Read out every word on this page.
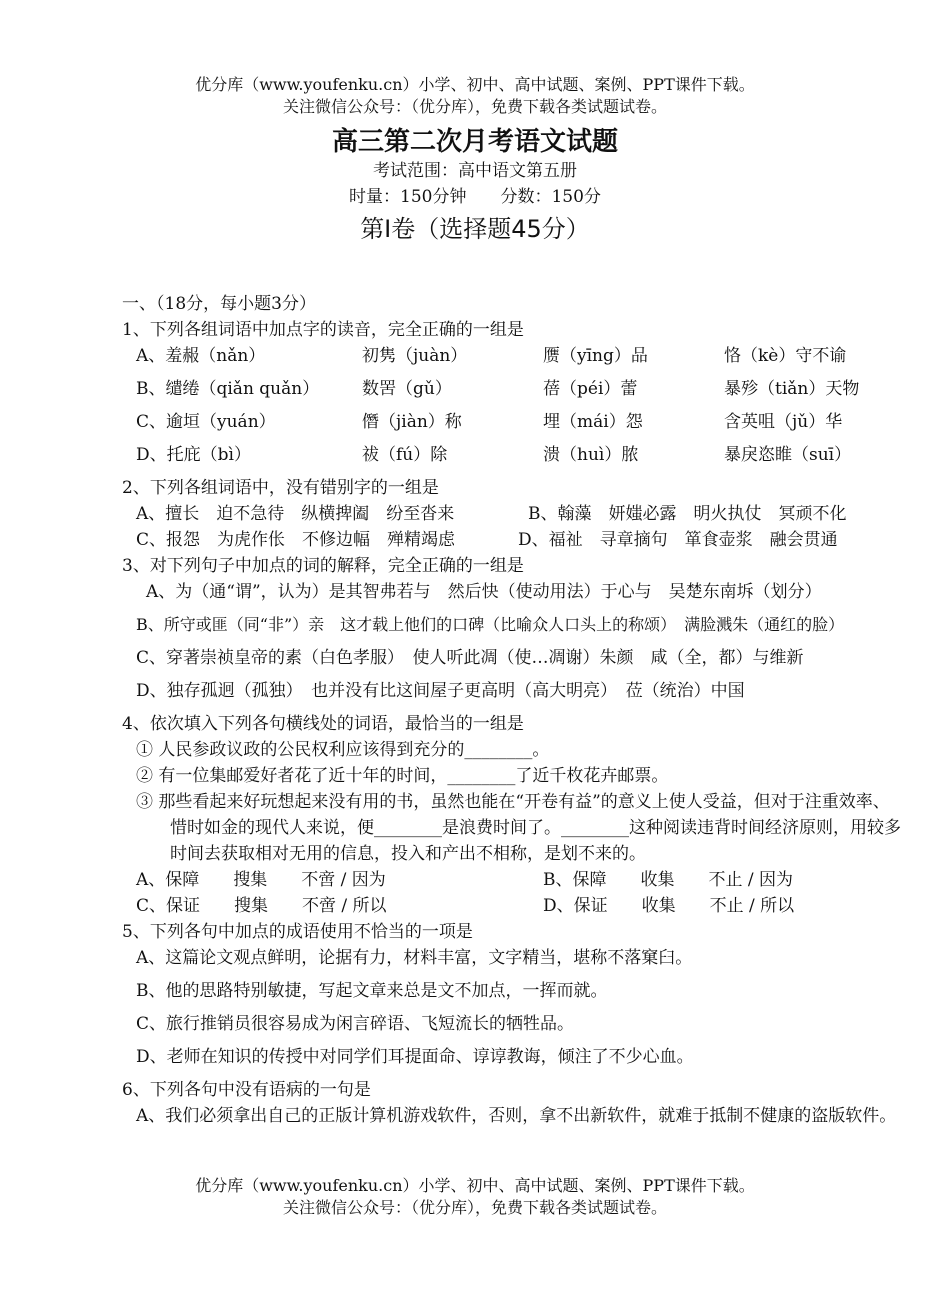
优分库（www.youfenku.cn）小学、初中、高中试题、案例、PPT课件下载。
关注微信公众号：（优分库），免费下载各类试题试卷。
高三第二次月考语文试题
考试范围：高中语文第五册
时量：150分钟　　分数：150分
第Ⅰ卷（选择题45分）
一、（18分，每小题3分）
1、下列各组词语中加点字的读音，完全正确的一组是
A、羞赧（nǎn）	初隽（juàn）	赝（yīng）品	恪（kè）守不谕
B、缱绻（qiǎn quǎn）	数罟（gǔ）	蓓（péi）蕾	暴殄（tiǎn）天物
C、逾垣（yuán）	僭（jiàn）称	埋（mái）怨	含英咀（jǔ）华
D、托庇（bì）	祓（fú）除	溃（huì）脓	暴戾恣睢（suī）
2、下列各组词语中，没有错别字的一组是
A、擅长　迫不急待　纵横捭阖　纷至沓来	B、翰藻　妍媸必露　明火执仗　冥顽不化
C、报怨　为虎作伥　不修边幅　殚精竭虑	D、福祉　寻章摘句　箪食壶浆　融会贯通
3、对下列句子中加点的词的解释，完全正确的一组是
A、为（通“谓”，认为）是其智弗若与　然后快（使动用法）于心与　吴楚东南坼（划分）
B、所守或匪（同“非”）亲　这才载上他们的口碑（比喻众人口头上的称颂）　满脸溅朱（通红的脸）
C、穿著崇祯皇帝的素（白色孝服）　使人听此凋（使…凋谢）朱颜　咸（全，都）与维新
D、独存孤迥（孤独）　也并没有比这间屋子更高明（高大明亮）　莅（统治）中国
4、依次填入下列各句横线处的词语，最恰当的一组是
① 人民参政议政的公民权利应该得到充分的________。
② 有一位集邮爱好者花了近十年的时间，________了近千枚花卉邮票。
③ 那些看起来好玩想起来没有用的书，虽然也能在“开卷有益”的意义上使人受益，但对于注重效率、惜时如金的现代人来说，便________是浪费时间了。________这种阅读违背时间经济原则，用较多时间去获取相对无用的信息，投入和产出不相称，是划不来的。
A、保障　　搜集　　不啻 / 因为	B、保障　　收集　　不止 / 因为
C、保证　　搜集　　不啻 / 所以	D、保证　　收集　　不止 / 所以
5、下列各句中加点的成语使用不恰当的一项是
A、这篇论文观点鲜明，论据有力，材料丰富，文字精当，堪称不落窠臼。
B、他的思路特别敏捷，写起文章来总是文不加点，一挥而就。
C、旅行推销员很容易成为闲言碎语、飞短流长的牺牲品。
D、老师在知识的传授中对同学们耳提面命、谆谆教诲，倾注了不少心血。
6、下列各句中没有语病的一句是
A、我们必须拿出自己的正版计算机游戏软件，否则，拿不出新软件，就难于抵制不健康的盗版软件。
优分库（www.youfenku.cn）小学、初中、高中试题、案例、PPT课件下载。
关注微信公众号：（优分库），免费下载各类试题试卷。
